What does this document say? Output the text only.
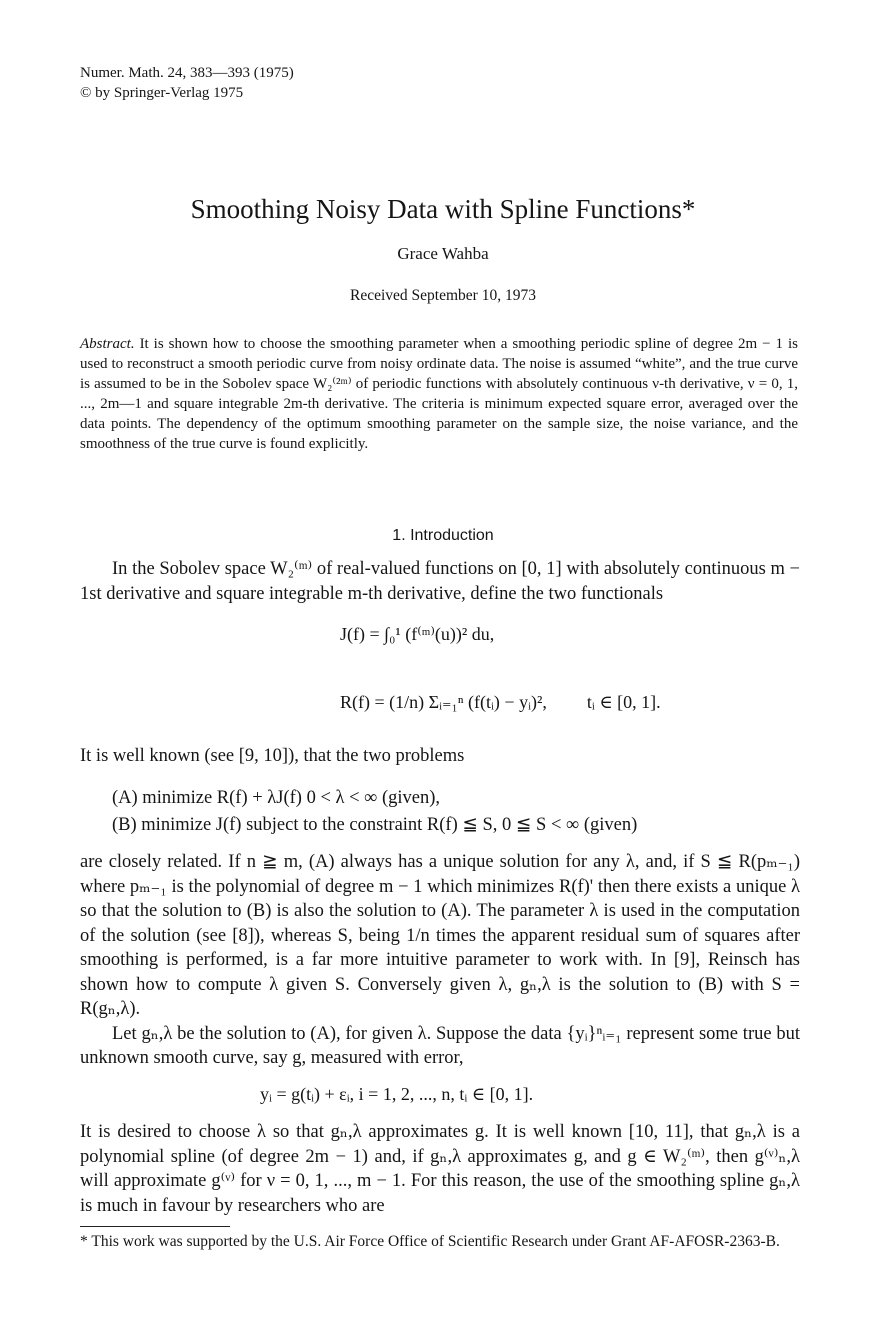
Numer. Math. 24, 383—393 (1975)
© by Springer-Verlag 1975
Smoothing Noisy Data with Spline Functions*
Grace Wahba
Received September 10, 1973
Abstract. It is shown how to choose the smoothing parameter when a smoothing periodic spline of degree 2m − 1 is used to reconstruct a smooth periodic curve from noisy ordinate data. The noise is assumed “white”, and the true curve is assumed to be in the Sobolev space W₂⁽²ᵐ⁾ of periodic functions with absolutely continuous ν-th derivative, ν = 0, 1, ..., 2m—1 and square integrable 2m-th derivative. The criteria is minimum expected square error, averaged over the data points. The dependency of the optimum smoothing parameter on the sample size, the noise variance, and the smoothness of the true curve is found explicitly.
1. Introduction
In the Sobolev space W₂⁽ᵐ⁾ of real-valued functions on [0, 1] with absolutely continuous m − 1st derivative and square integrable m-th derivative, define the two functionals
J(f) = ∫₀¹ (f⁽ᵐ⁾(u))² du,
R(f) = (1/n) Σᵢ₌₁ⁿ (f(tᵢ) − yᵢ)², tᵢ ∈ [0, 1].
It is well known (see [9, 10]), that the two problems
(A) minimize R(f) + λJ(f) 0 < λ < ∞ (given),
(B) minimize J(f) subject to the constraint R(f) ≦ S, 0 ≦ S < ∞ (given)
are closely related. If n ≧ m, (A) always has a unique solution for any λ, and, if S ≦ R(pₘ₋₁) where pₘ₋₁ is the polynomial of degree m − 1 which minimizes R(f)' then there exists a unique λ so that the solution to (B) is also the solution to (A). The parameter λ is used in the computation of the solution (see [8]), whereas S, being 1/n times the apparent residual sum of squares after smoothing is performed, is a far more intuitive parameter to work with. In [9], Reinsch has shown how to compute λ given S. Conversely given λ, gₙ,λ is the solution to (B) with S = R(gₙ,λ).
Let gₙ,λ be the solution to (A), for given λ. Suppose the data {yᵢ}ⁿᵢ₌₁ represent some true but unknown smooth curve, say g, measured with error,
yᵢ = g(tᵢ) + εᵢ, i = 1, 2, ..., n, tᵢ ∈ [0, 1].
It is desired to choose λ so that gₙ,λ approximates g. It is well known [10, 11], that gₙ,λ is a polynomial spline (of degree 2m − 1) and, if gₙ,λ approximates g, and g ∈ W₂⁽ᵐ⁾, then g⁽ᵛ⁾ₙ,λ will approximate g⁽ᵛ⁾ for ν = 0, 1, ..., m − 1. For this reason, the use of the smoothing spline gₙ,λ is much in favour by researchers who are
* This work was supported by the U.S. Air Force Office of Scientific Research under Grant AF-AFOSR-2363-B.
